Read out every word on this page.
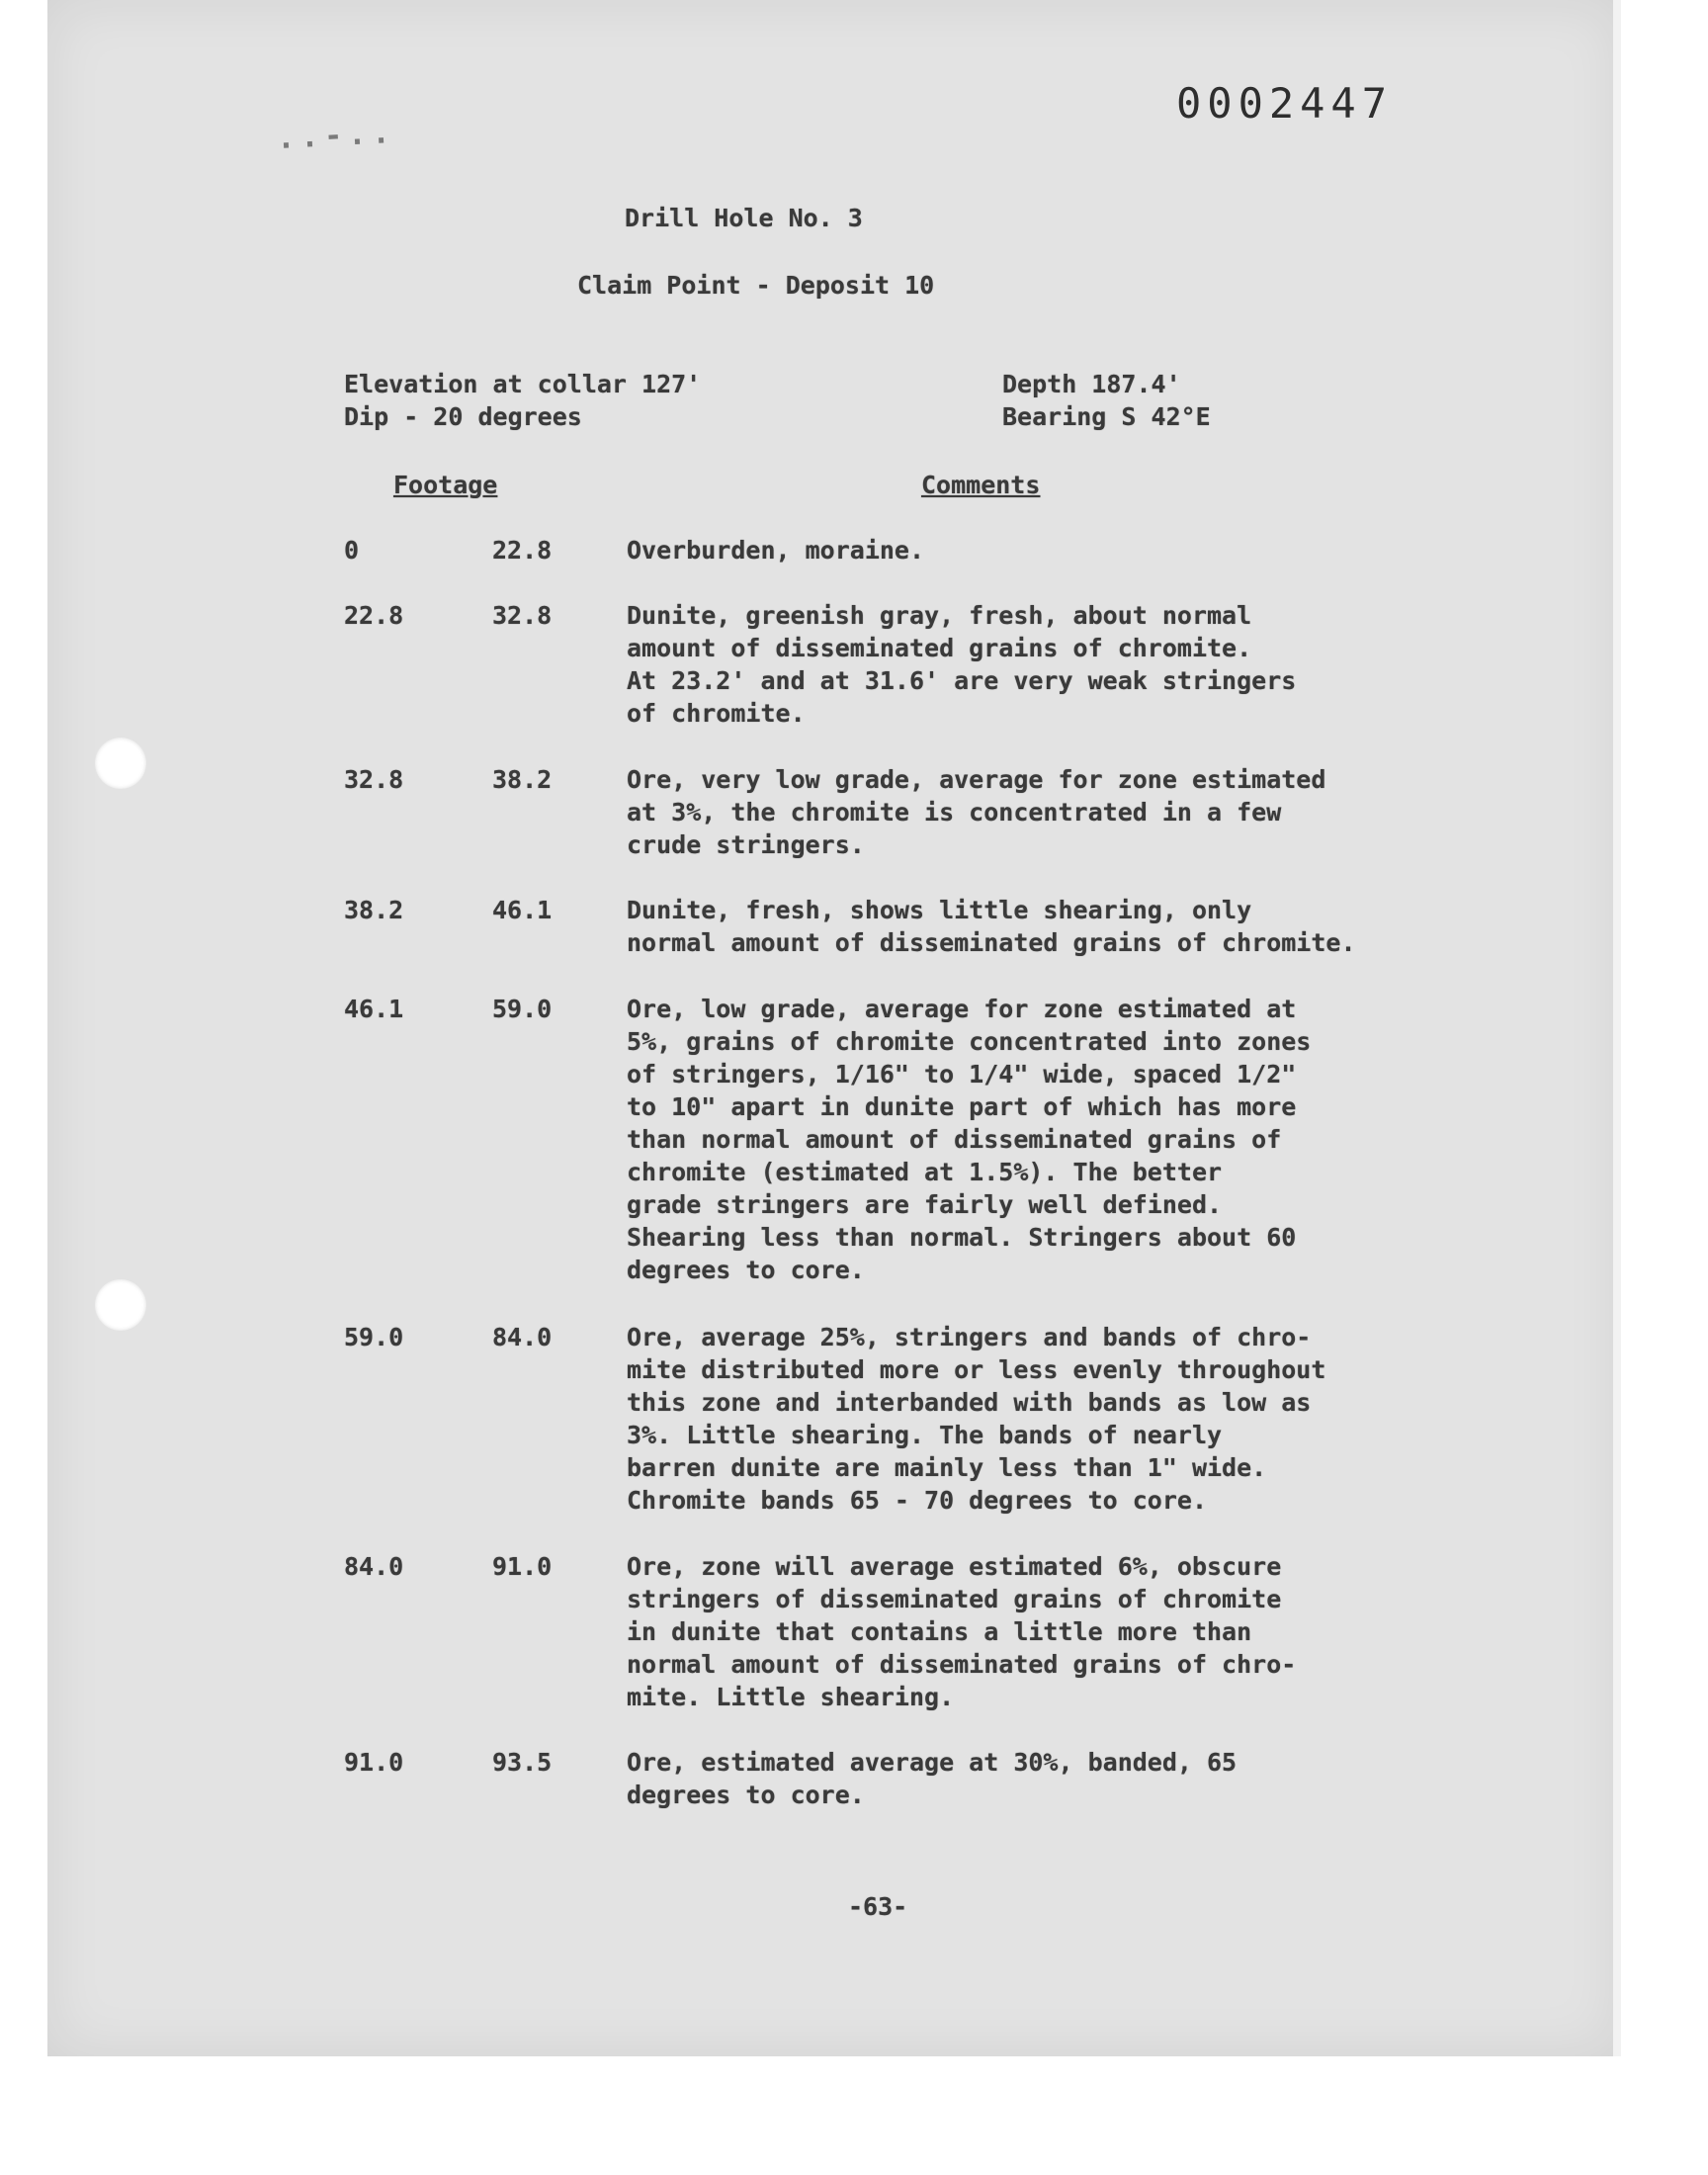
..-..
0002447
Drill Hole No. 3
Claim Point - Deposit 10
Elevation at collar 127'
Dip - 20 degrees
Depth 187.4'
Bearing S 42°E
Footage	Comments
0	22.8	Overburden, moraine.
22.8	32.8	Dunite, greenish gray, fresh, about normal
amount of disseminated grains of chromite.
At 23.2' and at 31.6' are very weak stringers
of chromite.
32.8	38.2	Ore, very low grade, average for zone estimated
at 3%, the chromite is concentrated in a few
crude stringers.
38.2	46.1	Dunite, fresh, shows little shearing, only
normal amount of disseminated grains of chromite.
46.1	59.0	Ore, low grade, average for zone estimated at
5%, grains of chromite concentrated into zones
of stringers, 1/16" to 1/4" wide, spaced 1/2"
to 10" apart in dunite part of which has more
than normal amount of disseminated grains of
chromite (estimated at 1.5%). The better
grade stringers are fairly well defined.
Shearing less than normal. Stringers about 60
degrees to core.
59.0	84.0	Ore, average 25%, stringers and bands of chro-
mite distributed more or less evenly throughout
this zone and interbanded with bands as low as
3%. Little shearing. The bands of nearly
barren dunite are mainly less than 1" wide.
Chromite bands 65 - 70 degrees to core.
84.0	91.0	Ore, zone will average estimated 6%, obscure
stringers of disseminated grains of chromite
in dunite that contains a little more than
normal amount of disseminated grains of chro-
mite. Little shearing.
91.0	93.5	Ore, estimated average at 30%, banded, 65
degrees to core.
-63-
